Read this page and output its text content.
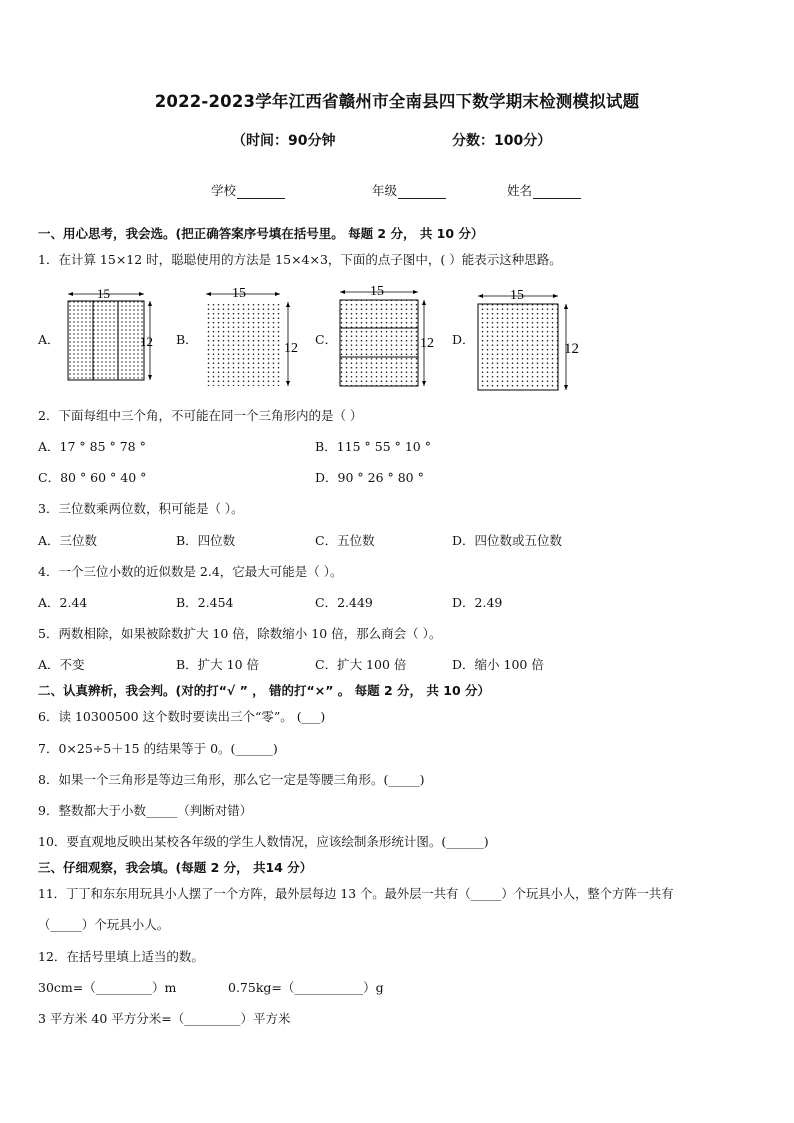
2022-2023学年江西省赣州市全南县四下数学期末检测模拟试题
（时间：90分钟	分数：100分）
学校	年级	姓名
一、用心思考，我会选。(把正确答案序号填在括号里。 每题 2 分， 共 10 分）
1．在计算 15×12 时，聪聪使用的方法是 15×4×3，下面的点子图中，( ）能表示这种思路。
A．
15
12 B．
15
12
C．
15
12 D．
15
12
2．下面每组中三个角，不可能在同一个三角形内的是（ ）
A．17 ° 85 ° 78 °	B．115 ° 55 ° 10 °
C．80 ° 60 ° 40 °	D．90 ° 26 ° 80 °
3．三位数乘两位数，积可能是（ ）。
A．三位数	B．四位数	C．五位数	D．四位数或五位数
4．一个三位小数的近似数是 2.4，它最大可能是（ ）。
A．2.44	B．2.454	C．2.449	D．2.49
5．两数相除，如果被除数扩大 10 倍，除数缩小 10 倍，那么商会（ ）。
A．不变	B．扩大 10 倍	C．扩大 100 倍	D．缩小 100 倍
二、认真辨析，我会判。(对的打“√ ” ， 错的打“×” 。 每题 2 分， 共 10 分）
6．读 10300500 这个数时要读出三个“零”。 (___)
7．0×25÷5＋15 的结果等于 0。(______)
8．如果一个三角形是等边三角形，那么它一定是等腰三角形。(_____)
9．整数都大于小数_____（判断对错）
10．要直观地反映出某校各年级的学生人数情况，应该绘制条形统计图。(______)
三、仔细观察，我会填。(每题 2 分， 共14 分）
11．丁丁和东东用玩具小人摆了一个方阵，最外层每边 13 个。最外层一共有（_____）个玩具小人，整个方阵一共有
（_____）个玩具小人。
12．在括号里填上适当的数。
30cm=（_________）m	0.75kg=（___________）g
3 平方米 40 平方分米=（_________）平方米
